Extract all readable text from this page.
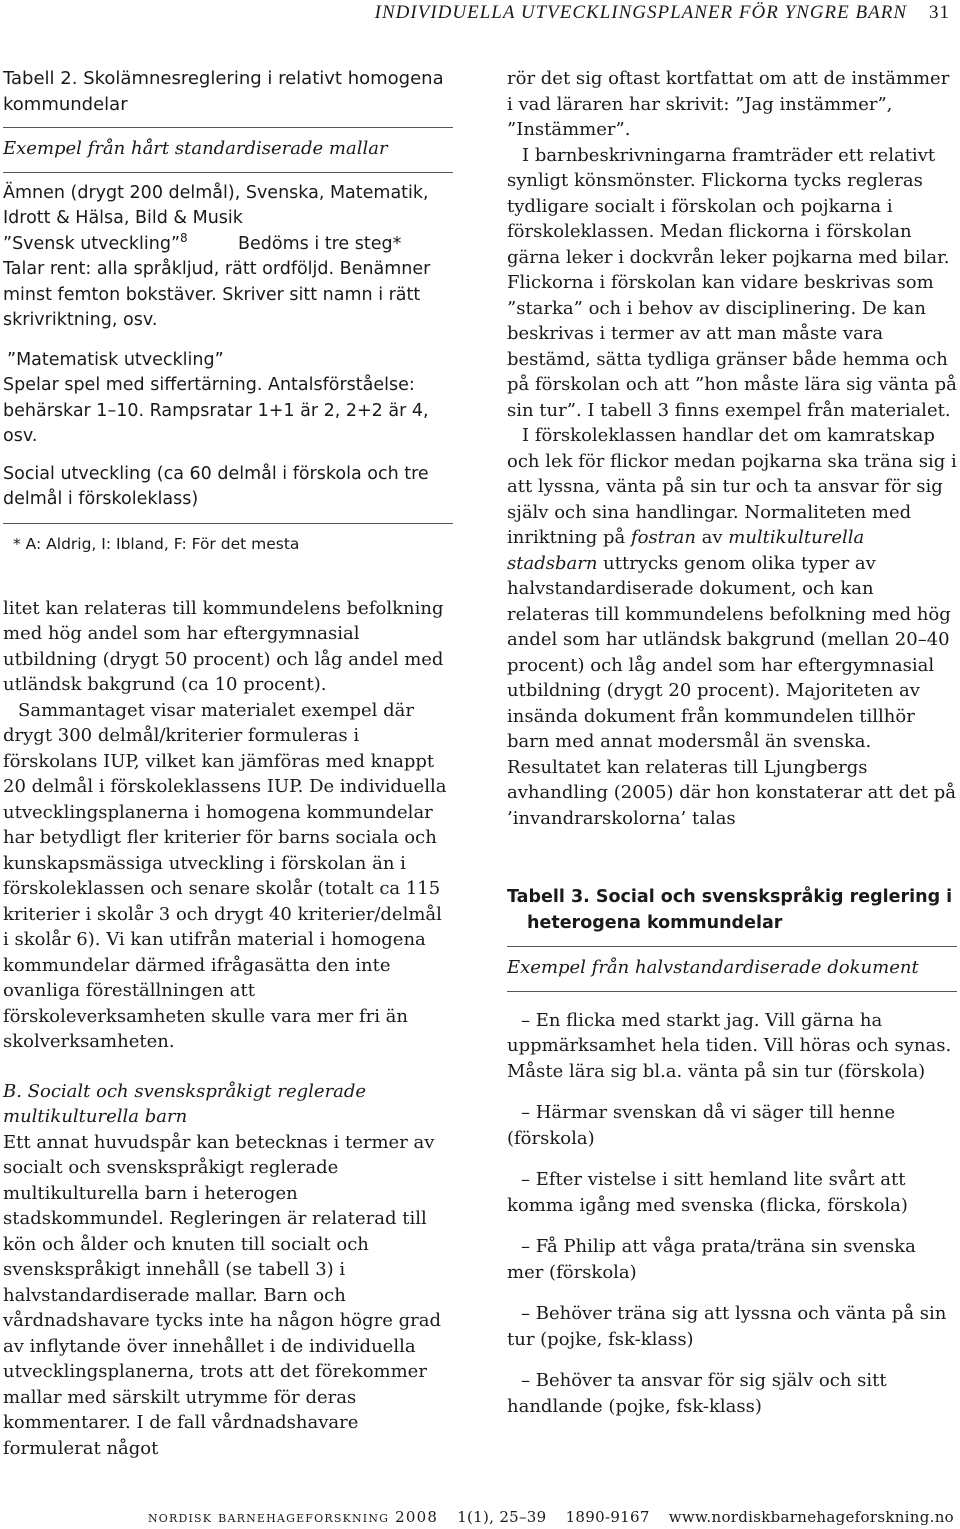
INDIVIDUELLA UTVECKLINGSPLANER FÖR YNGRE BARN 31

Tabell 2. Skolämnesreglering i relativt homogena kommundelar

Exempel från hårt standardiserade mallar

Ämnen (drygt 200 delmål), Svenska, Matematik, Idrott & Hälsa, Bild & Musik

”Svensk utveckling”$^8$	Bedöms i tre steg*

Talar rent: alla språkljud, rätt ordföljd. Benämner minst femton bokstäver. Skriver sitt namn i rätt skrivriktning, osv.

”Matematisk utveckling”

Spelar spel med siffertärning. Antalsförståelse: behärskar 1–10. Rampsratar 1+1 är 2, 2+2 är 4, osv.

Social utveckling (ca 60 delmål i förskola och tre delmål i förskoleklass)

* A: Aldrig, I: Ibland, F: För det mesta

litet kan relateras till kommundelens befolkning med hög andel som har eftergymnasial utbildning (drygt 50 procent) och låg andel med utländsk bakgrund (ca 10 procent).

Sammantaget visar materialet exempel där drygt 300 delmål/kriterier formuleras i förskolans IUP, vilket kan jämföras med knappt 20 delmål i förskoleklassens IUP. De individuella utvecklingsplanerna i homogena kommundelar har betydligt fler kriterier för barns sociala och kunskapsmässiga utveckling i förskolan än i förskoleklassen och senare skolår (totalt ca 115 kriterier i skolår 3 och drygt 40 kriterier/delmål i skolår 6). Vi kan utifrån material i homogena kommundelar därmed ifrågasätta den inte ovanliga föreställningen att förskoleverksamheten skulle vara mer fri än skolverksamheten.

B. Socialt och svenskspråkigt reglerade multikulturella barn

Ett annat huvudspår kan betecknas i termer av socialt och svenskspråkigt reglerade multikulturella barn i heterogen stadskommundel. Regleringen är relaterad till kön och ålder och knuten till socialt och svenskspråkigt innehåll (se tabell 3) i halvstandardiserade mallar. Barn och vårdnadshavare tycks inte ha någon högre grad av inflytande över innehållet i de individuella utvecklingsplanerna, trots att det förekommer mallar med särskilt utrymme för deras kommentarer. I de fall vårdnadshavare formulerat något

rör det sig oftast kortfattat om att de instämmer i vad läraren har skrivit: ”Jag instämmer”, ”Instämmer”.

I barnbeskrivningarna framträder ett relativt synligt könsmönster. Flickorna tycks regleras tydligare socialt i förskolan och pojkarna i förskoleklassen. Medan flickorna i förskolan gärna leker i dockvrån leker pojkarna med bilar. Flickorna i förskolan kan vidare beskrivas som ”starka” och i behov av disciplinering. De kan beskrivas i termer av att man måste vara bestämd, sätta tydliga gränser både hemma och på förskolan och att ”hon måste lära sig vänta på sin tur”. I tabell 3 finns exempel från materialet.

I förskoleklassen handlar det om kamratskap och lek för flickor medan pojkarna ska träna sig i att lyssna, vänta på sin tur och ta ansvar för sig själv och sina handlingar. Normaliteten med inriktning på fostran av multikulturella stadsbarn uttrycks genom olika typer av halvstandardiserade dokument, och kan relateras till kommundelens befolkning med hög andel som har utländsk bakgrund (mellan 20–40 procent) och låg andel som har eftergymnasial utbildning (drygt 20 procent). Majoriteten av insända dokument från kommundelen tillhör barn med annat modersmål än svenska. Resultatet kan relateras till Ljungbergs avhandling (2005) där hon konstaterar att det på ’invandrarskolorna’ talas

Tabell 3. Social och svenskspråkig reglering i
heterogena kommundelar

Exempel från halvstandardiserade dokument

– En flicka med starkt jag. Vill gärna ha uppmärksamhet hela tiden. Vill höras och synas. Måste lära sig bl.a. vänta på sin tur (förskola)

– Härmar svenskan då vi säger till henne (förskola)

– Efter vistelse i sitt hemland lite svårt att komma igång med svenska (flicka, förskola)

– Få Philip att våga prata/träna sin svenska mer (förskola)

– Behöver träna sig att lyssna och vänta på sin tur (pojke, fsk-klass)

– Behöver ta ansvar för sig själv och sitt handlande (pojke, fsk-klass)

nordisk barnehageforskning 2008 1(1), 25–39 1890-9167 www.nordiskbarnehageforskning.no
